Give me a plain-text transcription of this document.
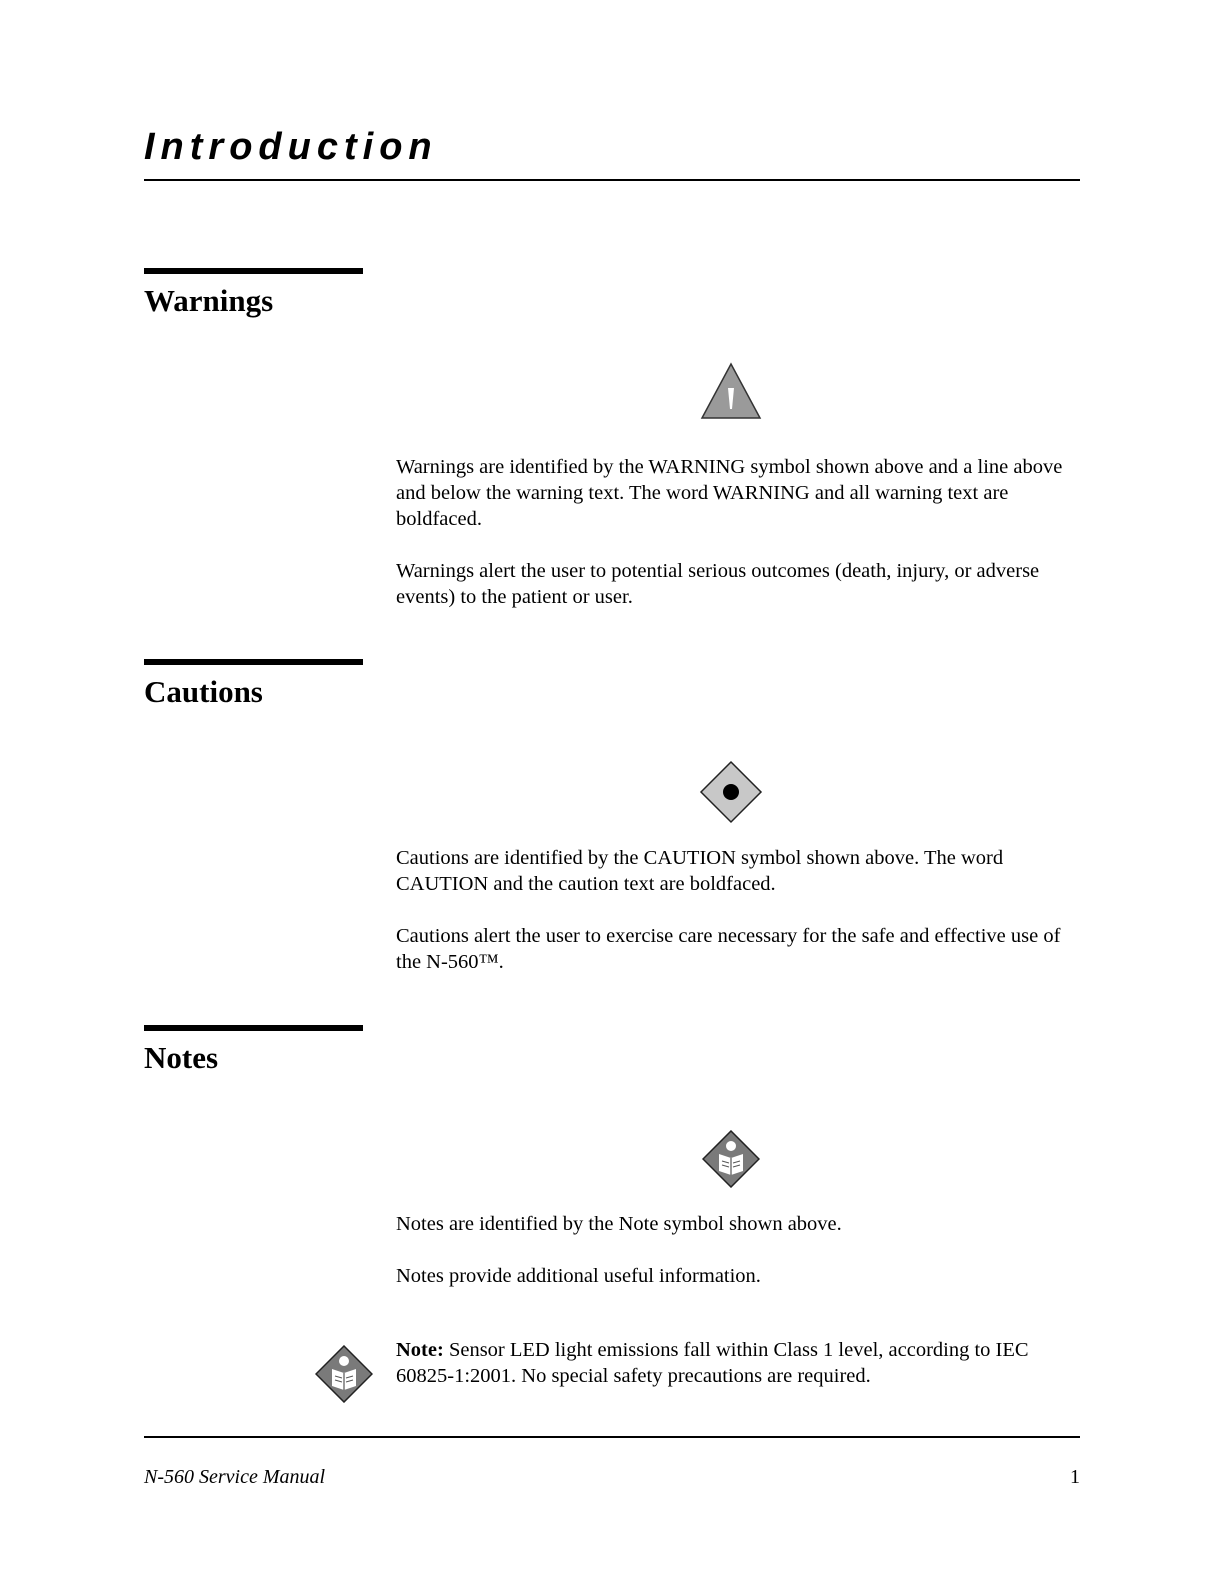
Introduction
Warnings

Warnings are identified by the WARNING symbol shown above and a line above and below the warning text. The word WARNING and all warning text are boldfaced.

Warnings alert the user to potential serious outcomes (death, injury, or adverse events) to the patient or user.

Cautions

Cautions are identified by the CAUTION symbol shown above. The word CAUTION and the caution text are boldfaced.

Cautions alert the user to exercise care necessary for the safe and effective use of the N-560™.

Notes

Notes are identified by the Note symbol shown above.

Notes provide additional useful information.

Note: Sensor LED light emissions fall within Class 1 level, according to IEC 60825-1:2001. No special safety precautions are required.

N-560 Service Manual	1
